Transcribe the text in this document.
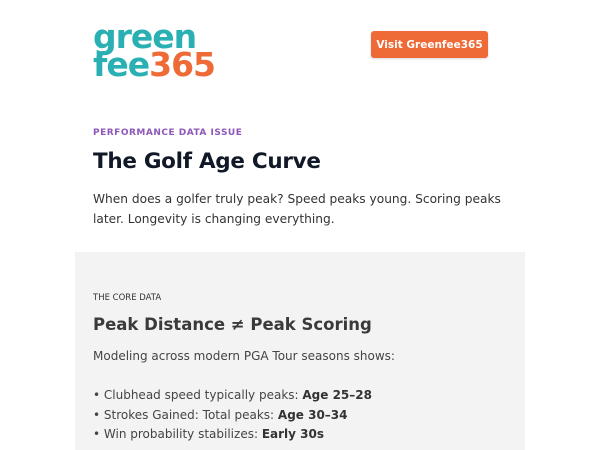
green
fee365
Visit Greenfee365
PERFORMANCE DATA ISSUE
The Golf Age Curve

When does a golfer truly peak? Speed peaks young. Scoring peaks later. Longevity is changing everything.

THE CORE DATA
Peak Distance ≠ Peak Scoring

Modeling across modern PGA Tour seasons shows:

• Clubhead speed typically peaks: Age 25–28
• Strokes Gained: Total peaks: Age 30–34
• Win probability stabilizes: Early 30s
